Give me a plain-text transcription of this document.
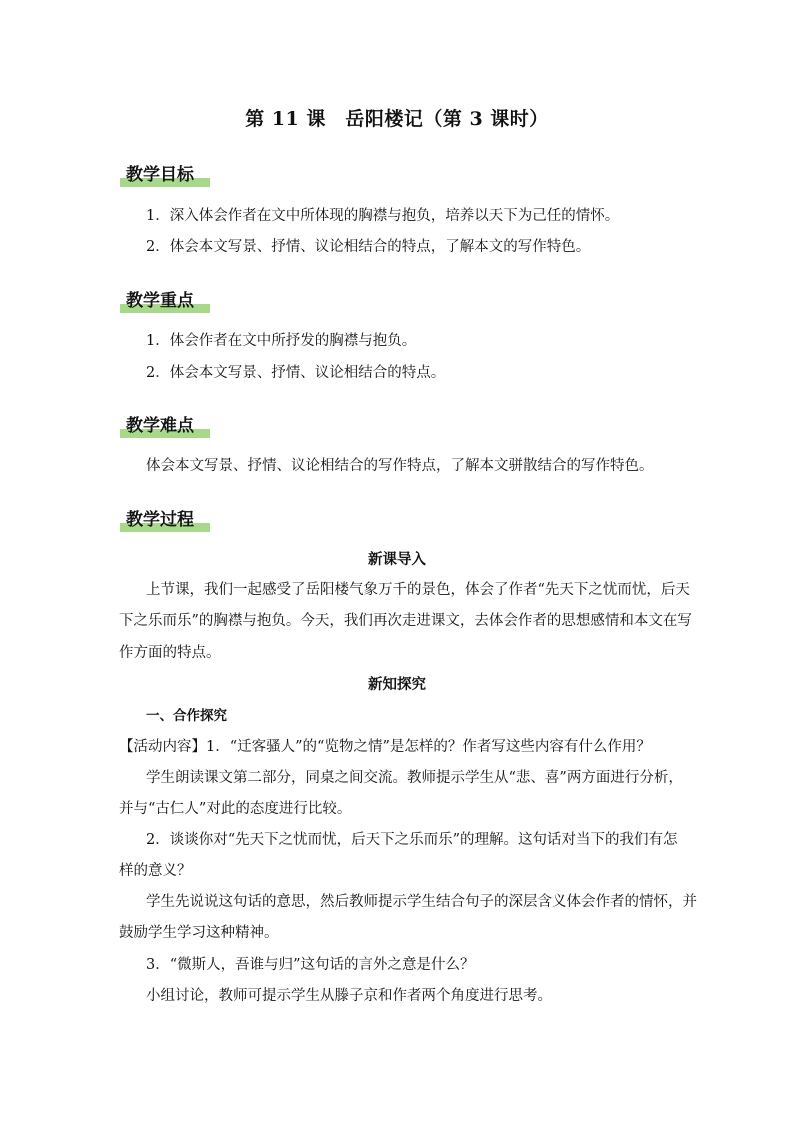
第 11 课　岳阳楼记（第 3 课时）
教学目标
1．深入体会作者在文中所体现的胸襟与抱负，培养以天下为己任的情怀。
2．体会本文写景、抒情、议论相结合的特点，了解本文的写作特色。
教学重点
1．体会作者在文中所抒发的胸襟与抱负。
2．体会本文写景、抒情、议论相结合的特点。
教学难点
体会本文写景、抒情、议论相结合的写作特点，了解本文骈散结合的写作特色。
教学过程
新课导入
上节课，我们一起感受了岳阳楼气象万千的景色，体会了作者“先天下之忧而忧，后天
下之乐而乐”的胸襟与抱负。今天，我们再次走进课文，去体会作者的思想感情和本文在写
作方面的特点。
新知探究
一、合作探究
【活动内容】1．“迁客骚人”的“览物之情”是怎样的？作者写这些内容有什么作用？
学生朗读课文第二部分，同桌之间交流。教师提示学生从“悲、喜”两方面进行分析，
并与“古仁人”对此的态度进行比较。
2．谈谈你对“先天下之忧而忧，后天下之乐而乐”的理解。这句话对当下的我们有怎
样的意义？
学生先说说这句话的意思，然后教师提示学生结合句子的深层含义体会作者的情怀，并
鼓励学生学习这种精神。
3．“微斯人，吾谁与归”这句话的言外之意是什么？
小组讨论，教师可提示学生从滕子京和作者两个角度进行思考。
